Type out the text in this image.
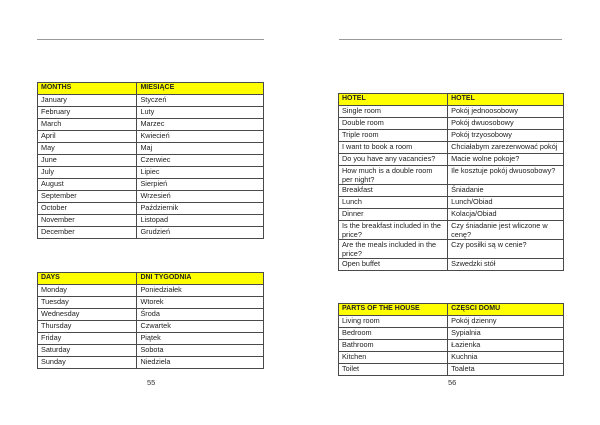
MONTHS	MIESIĄCE
January	Styczeń
February	Luty
March	Marzec
April	Kwiecień
May	Maj
June	Czerwiec
July	Lipiec
August	Sierpień
September	Wrzesień
October	Październik
November	Listopad
December	Grudzień
DAYS	DNI TYGODNIA
Monday	Poniedziałek
Tuesday	Wtorek
Wednesday	Środa
Thursday	Czwartek
Friday	Piątek
Saturday	Sobota
Sunday	Niedziela
55
HOTEL	HOTEL
Single room	Pokój jednoosobowy
Double room	Pokój dwuosobowy
Triple room	Pokój trzyosobowy
I want to book a room	Chciałabym zarezerwować pokój
Do you have any vacancies?	Macie wolne pokoje?
How much is a double room per night?	Ile kosztuje pokój dwuosobowy?
Breakfast	Śniadanie
Lunch	Lunch/Obiad
Dinner	Kolacja/Obiad
Is the breakfast included in the price?	Czy śniadanie jest wliczone w cenę?
Are the meals included in the price?	Czy posiłki są w cenie?
Open buffet	Szwedzki stół
PARTS OF THE HOUSE	CZĘŚCI DOMU
Living room	Pokój dzienny
Bedroom	Sypialnia
Bathroom	Łazienka
Kitchen	Kuchnia
Toilet	Toaleta
56
